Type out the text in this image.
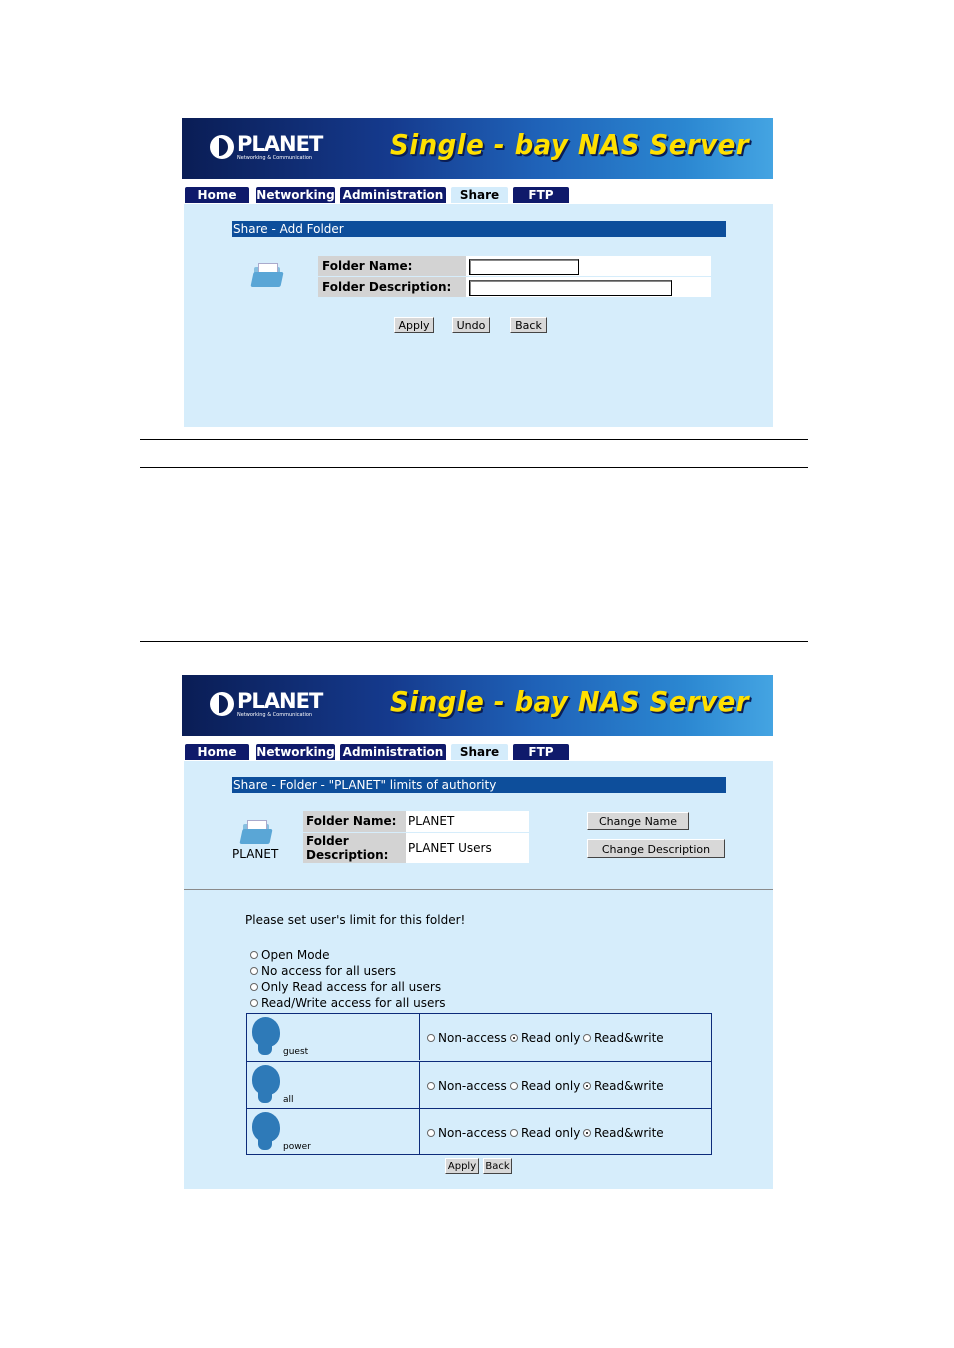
PLANET
Networking & Communication	Single - bay NAS Server
Home	Networking Administration	Share	FTP
Share - Add Folder
Folder Name:
Folder Description:
Apply	Undo	Back
PLANET
Networking & Communication	Single - bay NAS Server
Home	Networking Administration	Share	FTP
Share - Folder - "PLANET" limits of authority
PLANET
Folder Name: PLANET
Folder
Description:	PLANET Users
Change Name
Change Description
Please set user's limit for this folder!
Open Mode
No access for all users
Only Read access for all users
Read/Write access for all users
guest
Non-access Read only Read&write
all
Non-access Read only Read&write
power
Non-access Read only Read&write
Apply Back
